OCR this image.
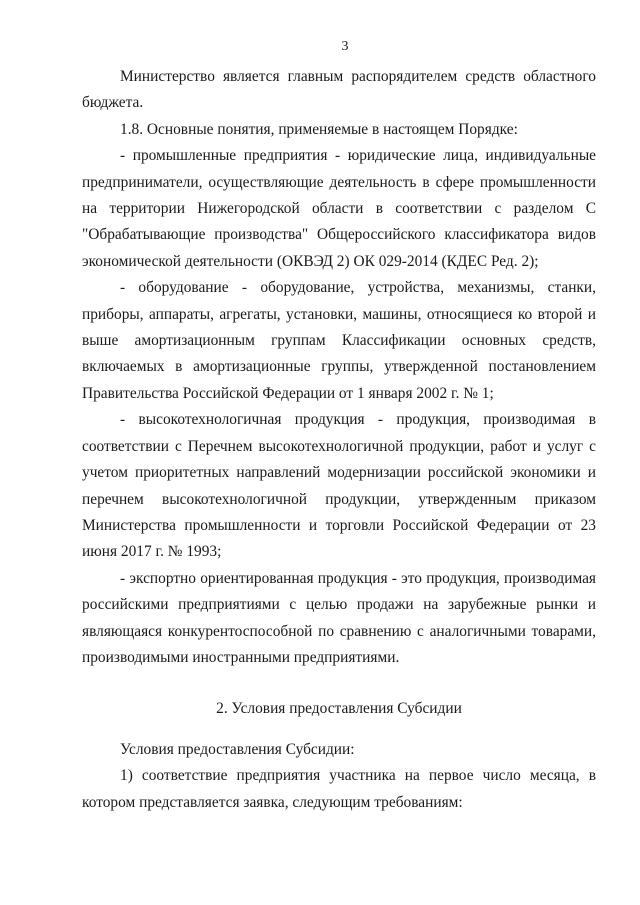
3

Министерство является главным распорядителем средств областного бюджета.

1.8. Основные понятия, применяемые в настоящем Порядке:

- промышленные предприятия - юридические лица, индивидуальные предприниматели, осуществляющие деятельность в сфере промышленности на территории Нижегородской области в соответствии с разделом С "Обрабатывающие производства" Общероссийского классификатора видов экономической деятельности (ОКВЭД 2) ОК 029-2014 (КДЕС Ред. 2);

- оборудование - оборудование, устройства, механизмы, станки, приборы, аппараты, агрегаты, установки, машины, относящиеся ко второй и выше амортизационным группам Классификации основных средств, включаемых в амортизационные группы, утвержденной постановлением Правительства Российской Федерации от 1 января 2002 г. № 1;

- высокотехнологичная продукция - продукция, производимая в соответствии с Перечнем высокотехнологичной продукции, работ и услуг с учетом приоритетных направлений модернизации российской экономики и перечнем высокотехнологичной продукции, утвержденным приказом Министерства промышленности и торговли Российской Федерации от 23 июня 2017 г. № 1993;

- экспортно ориентированная продукция - это продукция, производимая российскими предприятиями с целью продажи на зарубежные рынки и являющаяся конкурентоспособной по сравнению с аналогичными товарами, производимыми иностранными предприятиями.

2. Условия предоставления Субсидии

Условия предоставления Субсидии:

1) соответствие предприятия участника на первое число месяца, в котором представляется заявка, следующим требованиям:
